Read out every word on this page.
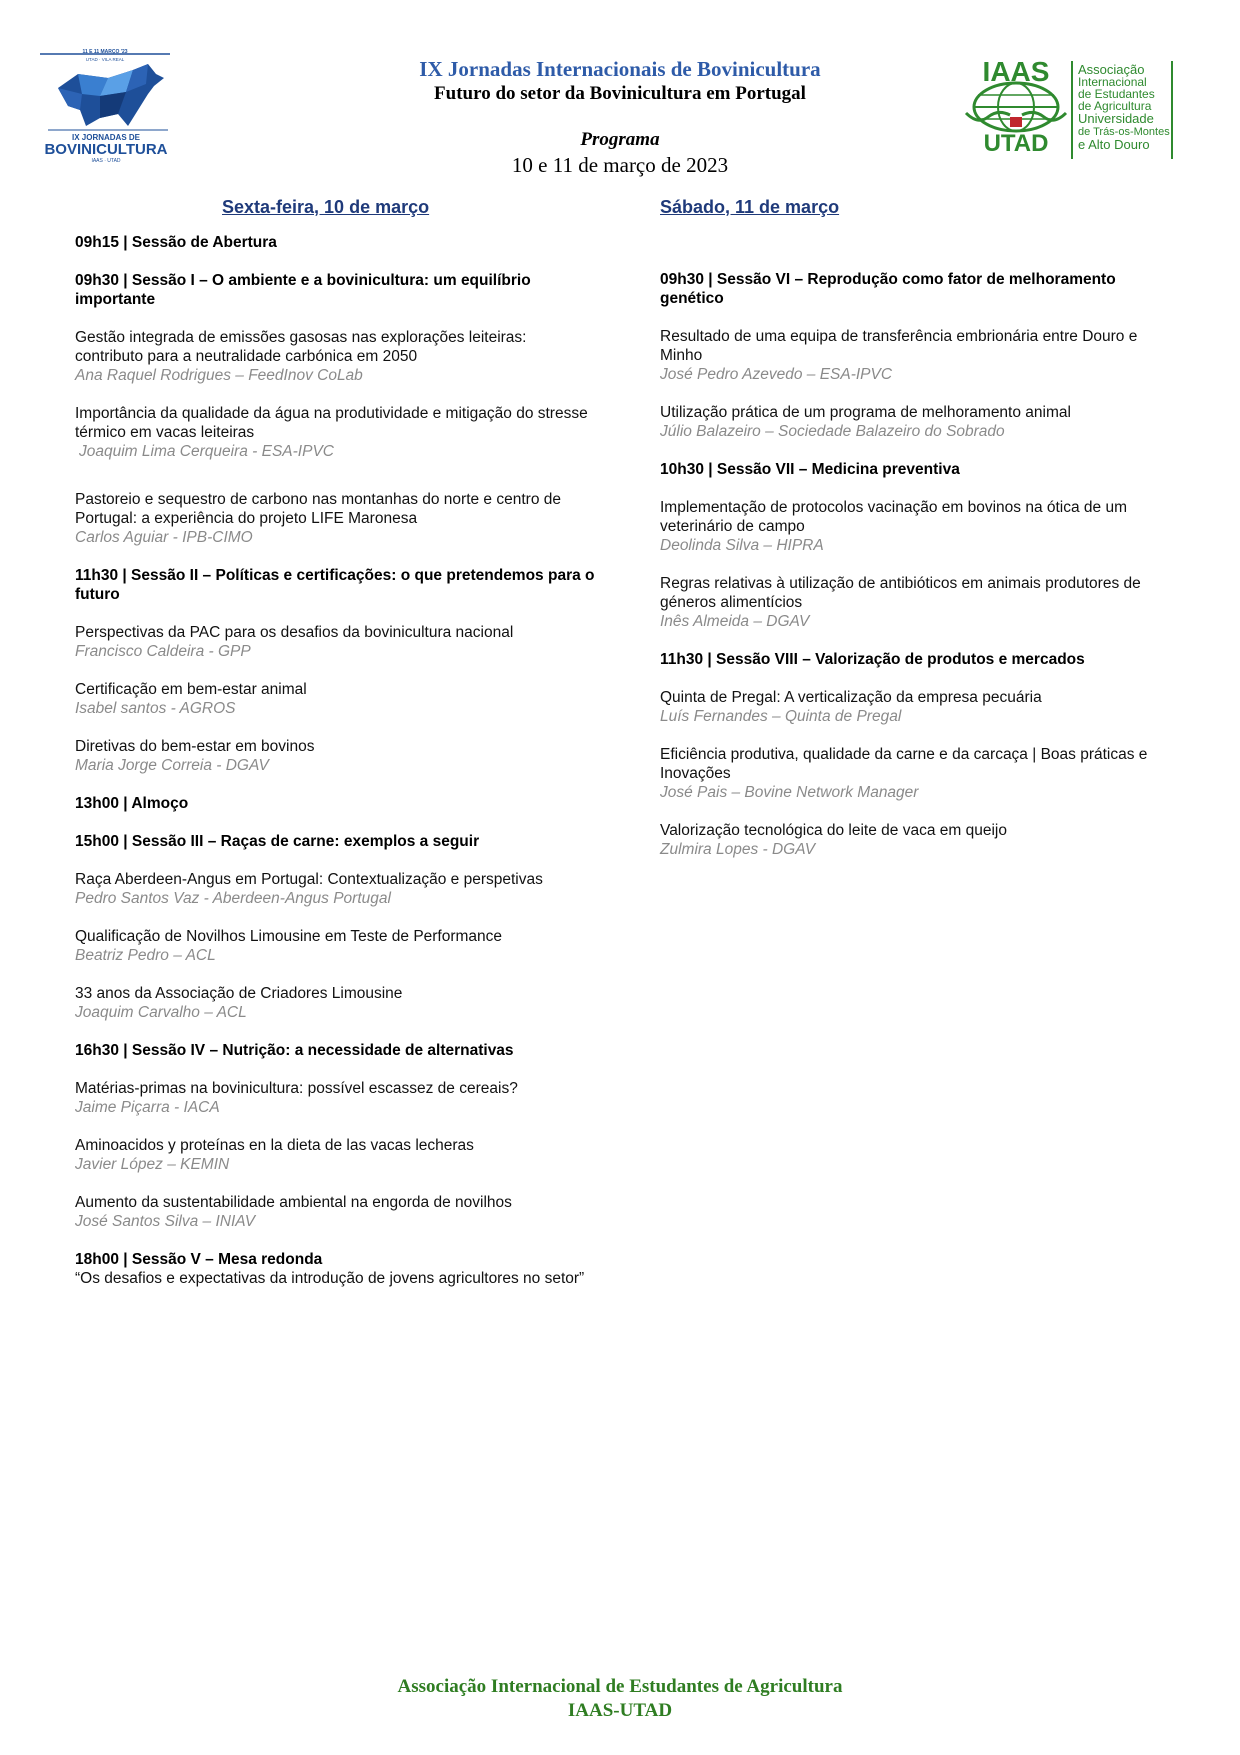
11 E 11 MARÇO '23
UTAD · VILA REAL
IX JORNADAS DE
BOVINICULTURA
IAAS · UTAD
IX Jornadas Internacionais de Bovinicultura
Futuro do setor da Bovinicultura em Portugal
Programa
10 e 11 de março de 2023
IAAS
UTAD
Associação
Internacional
de Estudantes
de Agricultura
Universidade
de Trás-os-Montes
e Alto Douro
Sexta-feira, 10 de março
09h15 | Sessão de Abertura
09h30 | Sessão I – O ambiente e a bovinicultura: um equilíbrio importante
Gestão integrada de emissões gasosas nas explorações leiteiras: contributo para a neutralidade carbónica em 2050
Ana Raquel Rodrigues – FeedInov CoLab
Importância da qualidade da água na produtividade e mitigação do stresse térmico em vacas leiteiras
Joaquim Lima Cerqueira - ESA-IPVC
Pastoreio e sequestro de carbono nas montanhas do norte e centro de Portugal: a experiência do projeto LIFE Maronesa
Carlos Aguiar - IPB-CIMO
11h30 | Sessão II – Políticas e certificações: o que pretendemos para o futuro
Perspectivas da PAC para os desafios da bovinicultura nacional
Francisco Caldeira - GPP
Certificação em bem-estar animal
Isabel santos - AGROS
Diretivas do bem-estar em bovinos
Maria Jorge Correia - DGAV
13h00 | Almoço
15h00 | Sessão III – Raças de carne: exemplos a seguir
Raça Aberdeen-Angus em Portugal: Contextualização e perspetivas
Pedro Santos Vaz - Aberdeen-Angus Portugal
Qualificação de Novilhos Limousine em Teste de Performance
Beatriz Pedro – ACL
33 anos da Associação de Criadores Limousine
Joaquim Carvalho – ACL
16h30 | Sessão IV – Nutrição: a necessidade de alternativas
Matérias-primas na bovinicultura: possível escassez de cereais?
Jaime Piçarra - IACA
Aminoacidos y proteínas en la dieta de las vacas lecheras
Javier López – KEMIN
Aumento da sustentabilidade ambiental na engorda de novilhos
José Santos Silva – INIAV
18h00 | Sessão V – Mesa redonda
“Os desafios e expectativas da introdução de jovens agricultores no setor”
Sábado, 11 de março
09h30 | Sessão VI – Reprodução como fator de melhoramento genético
Resultado de uma equipa de transferência embrionária entre Douro e Minho
José Pedro Azevedo – ESA-IPVC
Utilização prática de um programa de melhoramento animal
Júlio Balazeiro – Sociedade Balazeiro do Sobrado
10h30 | Sessão VII – Medicina preventiva
Implementação de protocolos vacinação em bovinos na ótica de um veterinário de campo
Deolinda Silva – HIPRA
Regras relativas à utilização de antibióticos em animais produtores de géneros alimentícios
Inês Almeida – DGAV
11h30 | Sessão VIII – Valorização de produtos e mercados
Quinta de Pregal: A verticalização da empresa pecuária
Luís Fernandes – Quinta de Pregal
Eficiência produtiva, qualidade da carne e da carcaça | Boas práticas e Inovações
José Pais – Bovine Network Manager
Valorização tecnológica do leite de vaca em queijo
Zulmira Lopes - DGAV
Associação Internacional de Estudantes de Agricultura
IAAS-UTAD
